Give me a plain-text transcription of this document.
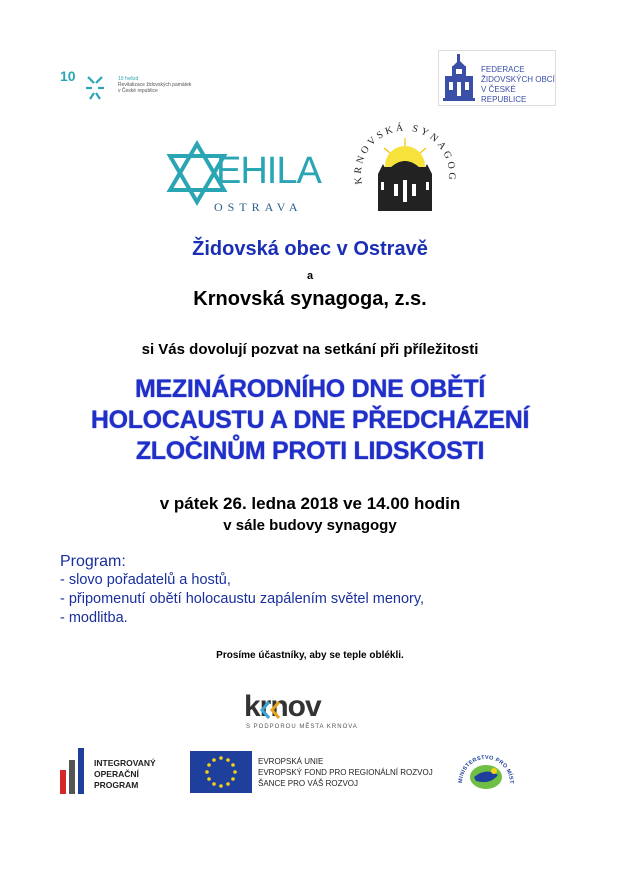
10	10 hvězd
Revitalizace židovských památek
v České republice
FEDERACE
ŽIDOVSKÝCH OBCÍ
V ČESKÉ REPUBLICE
EHILA
OSTRAVA
KRNOVSKÁ SYNAGOG
Židovská obec v Ostravě
a
Krnovská synagoga, z.s.
si Vás dovolují pozvat na setkání při příležitosti
MEZINÁRODNÍHO DNE OBĚTÍ
HOLOCAUSTU A DNE PŘEDCHÁZENÍ
ZLOČINŮM PROTI LIDSKOSTI
v pátek 26. ledna 2018 ve 14.00 hodin
v sále budovy synagogy
Program:
- slovo pořadatelů a hostů,
- připomenutí obětí holocaustu zapálením světel menory,
- modlitba.
Prosíme účastníky, aby se teple oblékli.
krnov
S PODPOROU MĚSTA KRNOVA
INTEGROVANÝ
OPERAČNÍ
PROGRAM
EVROPSKÁ UNIE
EVROPSKÝ FOND PRO REGIONÁLNÍ ROZVOJ
ŠANCE PRO VÁŠ ROZVOJ	MINISTERSTVO PRO MÍST
